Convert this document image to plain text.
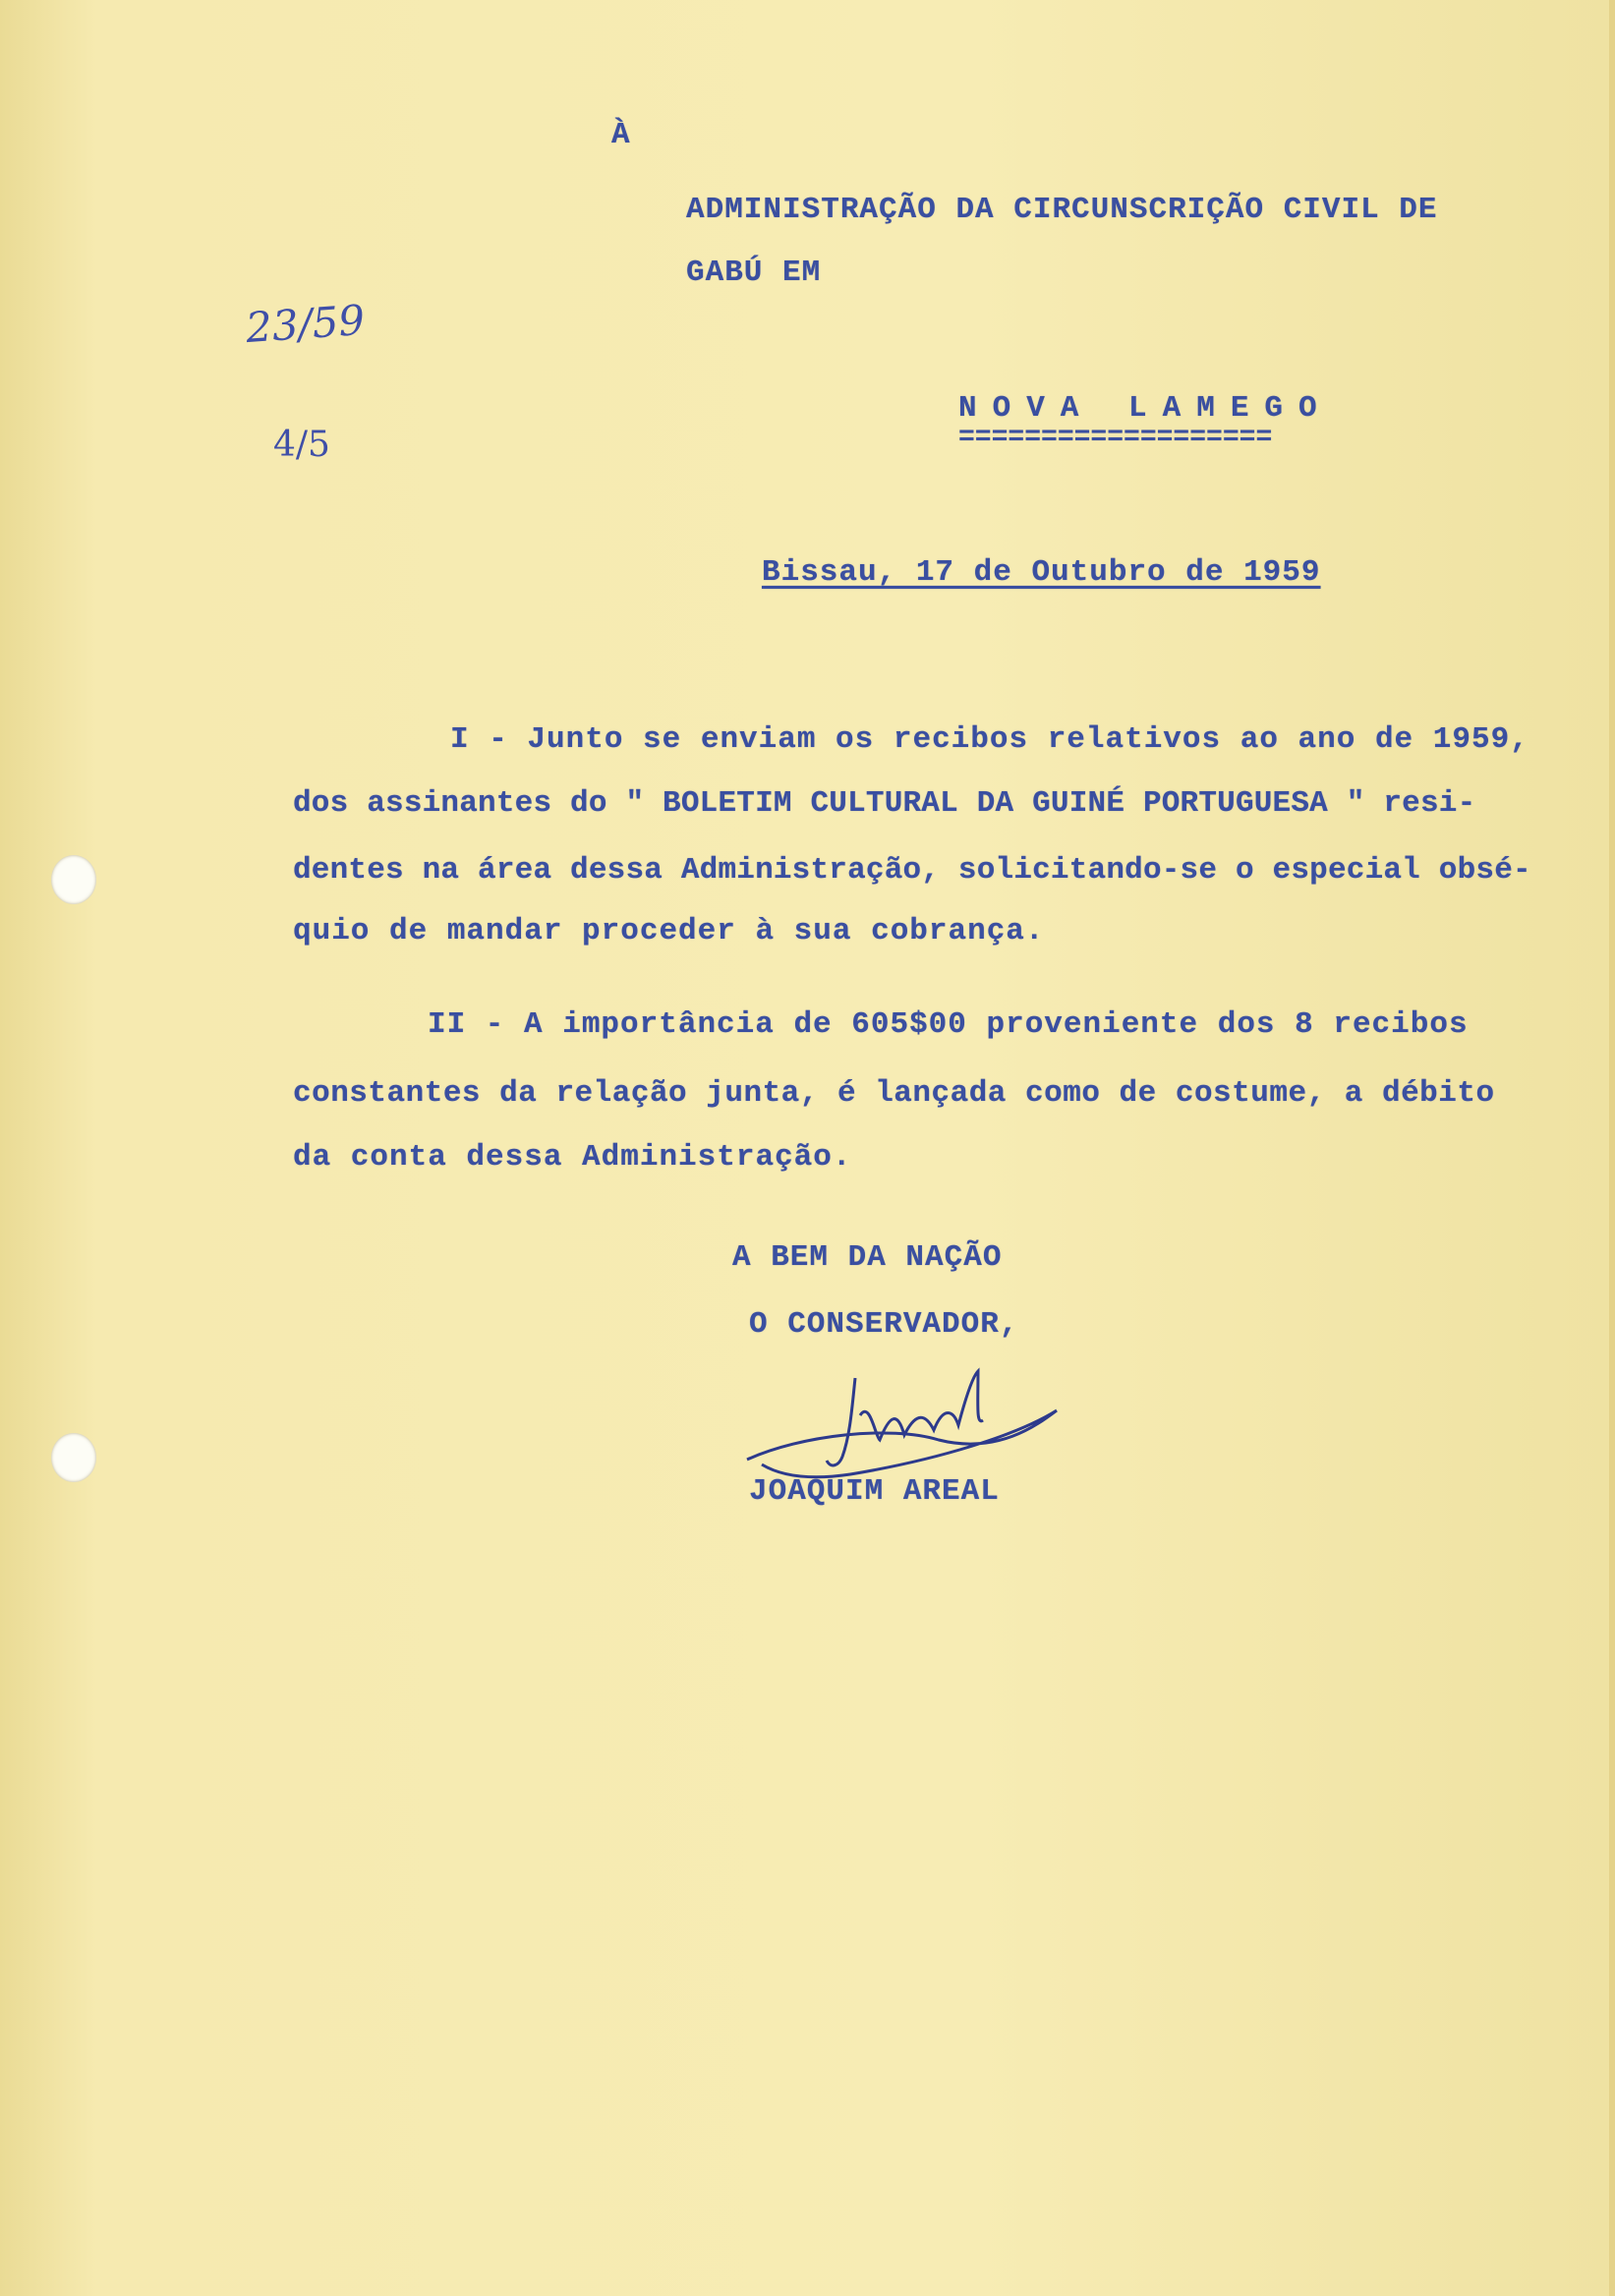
À

ADMINISTRAÇÃO DA CIRCUNSCRIÇÃO CIVIL DE

GABÚ EM

23/59

4/5

NOVA LAMEGO

===================

Bissau, 17 de Outubro de 1959

I - Junto se enviam os recibos relativos ao ano de 1959,

dos assinantes do " BOLETIM CULTURAL DA GUINÉ PORTUGUESA " resi-

dentes na área dessa Administração, solicitando-se o especial obsé-

quio de mandar proceder à sua cobrança.

II - A importância de 605$00 proveniente dos 8 recibos

constantes da relação junta, é lançada como de costume, a débito

da conta dessa Administração.

A BEM DA NAÇÃO

O CONSERVADOR,

JOAQUIM AREAL
